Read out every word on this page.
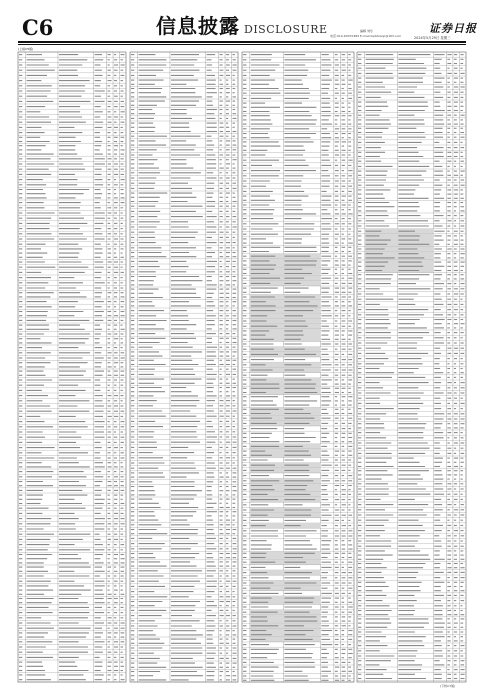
C6	信息披露 DISCLOSURE	编辑 刘乐
电话:010-63070384 E-mail:zqrbbianji@163.com
证券日报
2024年5月29日 星期三
(上接C5版)
(下转C7版)
